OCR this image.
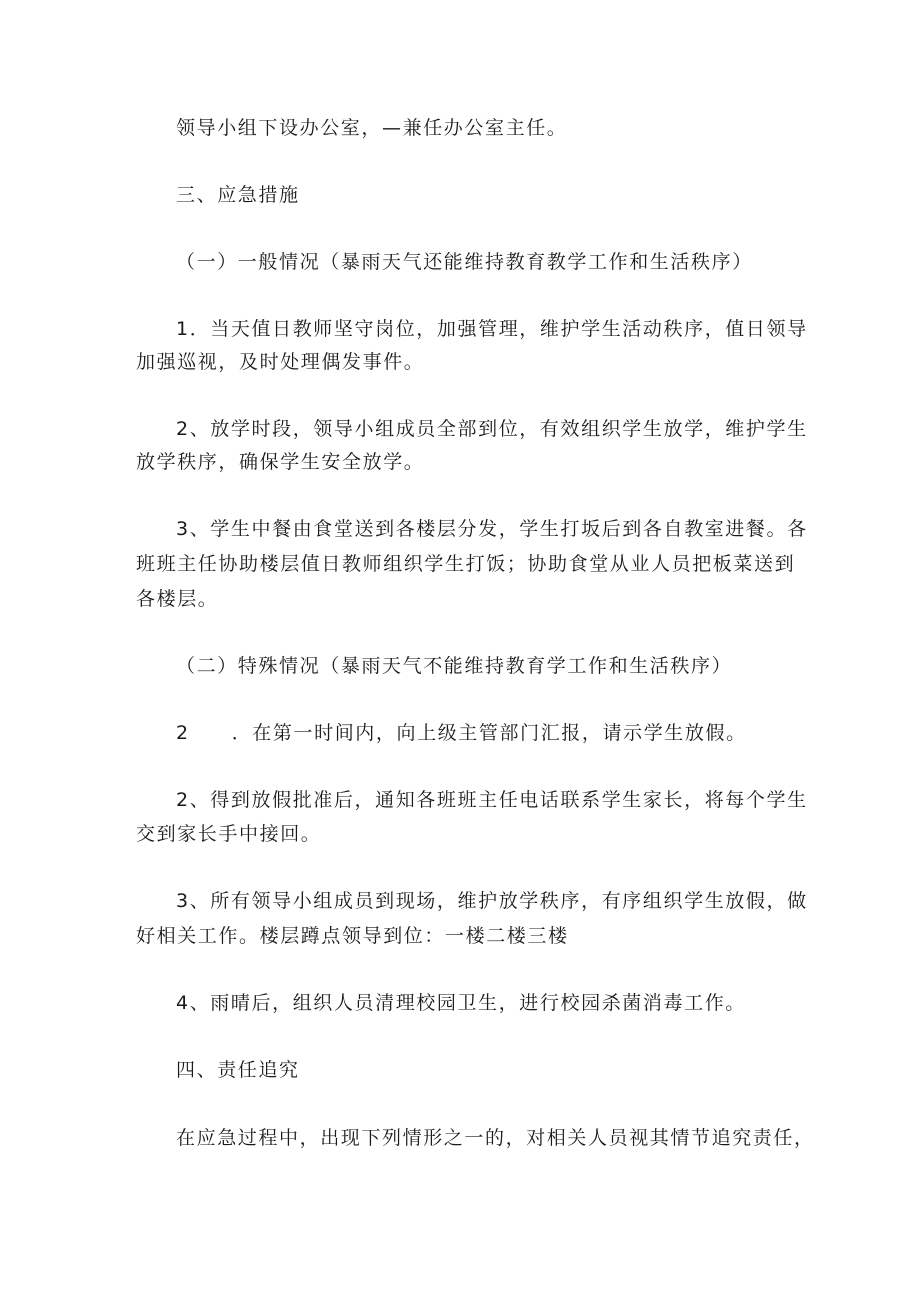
领导小组下设办公室，—兼任办公室主任。
三、应急措施
（一）一般情况（暴雨天气还能维持教育教学工作和生活秩序）
1．当天值日教师坚守岗位，加强管理，维护学生活动秩序，值日领导
加强巡视，及时处理偶发事件。
2、放学时段，领导小组成员全部到位，有效组织学生放学，维护学生
放学秩序，确保学生安全放学。
3、学生中餐由食堂送到各楼层分发，学生打坂后到各自教室进餐。各
班班主任协助楼层值日教师组织学生打饭；协助食堂从业人员把板菜送到
各楼层。
（二）特殊情况（暴雨天气不能维持教育学工作和生活秩序）
2 ．在第一时间内，向上级主管部门汇报，请示学生放假。
2、得到放假批准后，通知各班班主任电话联系学生家长，将每个学生
交到家长手中接回。
3、所有领导小组成员到现场，维护放学秩序，有序组织学生放假，做
好相关工作。楼层蹲点领导到位：一楼二楼三楼
4、雨晴后，组织人员清理校园卫生，进行校园杀菌消毒工作。
四、责任追究
在应急过程中，出现下列情形之一的，对相关人员视其情节追究责任，
